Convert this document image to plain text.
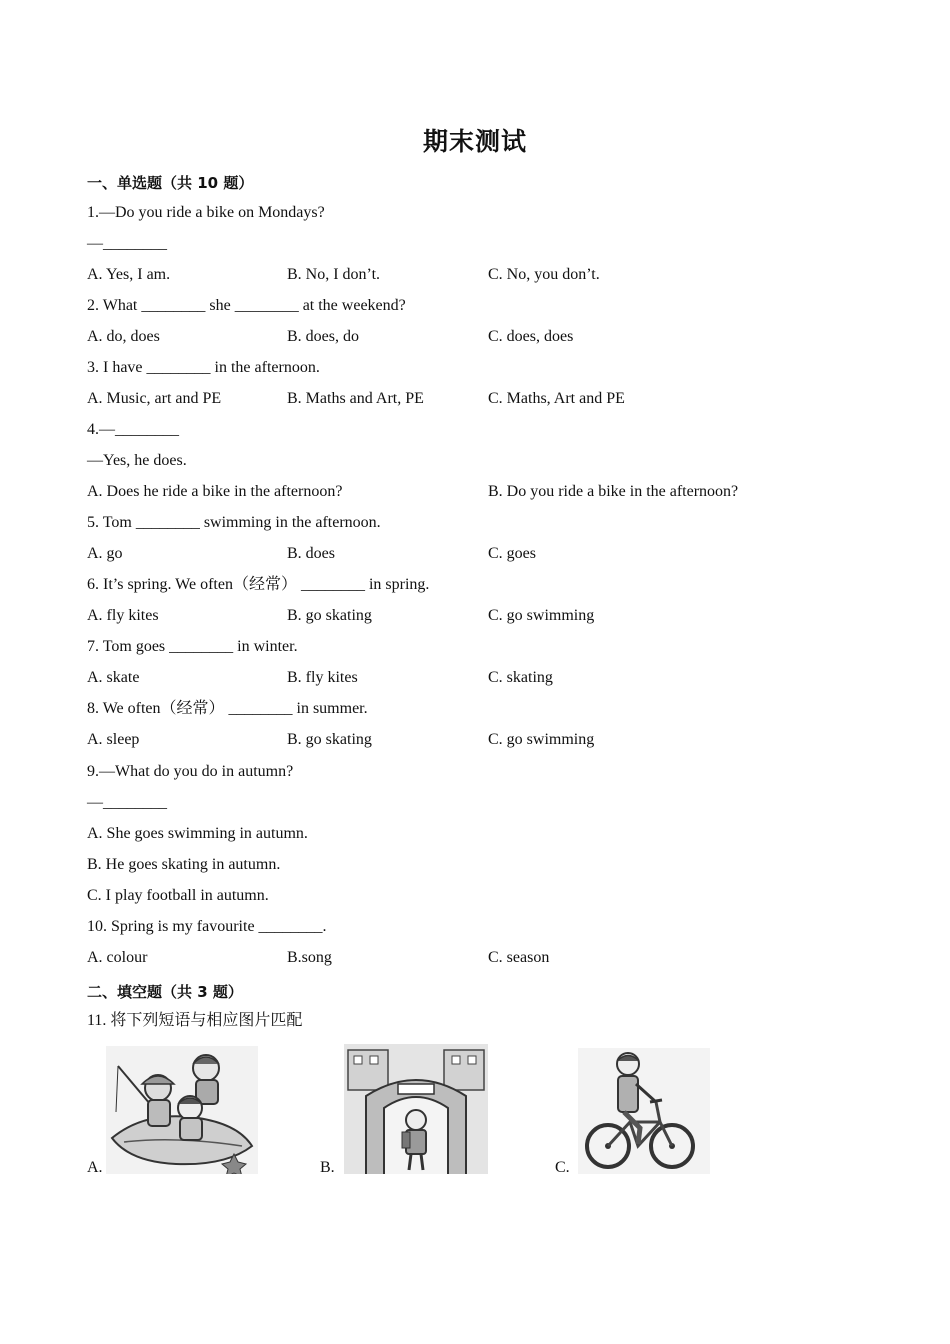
期末测试
一、单选题（共 10 题）
1.—Do you ride a bike on Mondays?
—________
A. Yes, I am.	B. No, I don’t.	C. No, you don’t.
2. What ________ she ________ at the weekend?
A. do, does	B. does, do	C. does, does
3. I have ________ in the afternoon.
A. Music, art and PE	B. Maths and Art, PE	C. Maths, Art and PE
4.—________
—Yes, he does.
A. Does he ride a bike in the afternoon?	B. Do you ride a bike in the afternoon?
5. Tom ________ swimming in the afternoon.
A. go	B. does	C. goes
6. It’s spring. We often（经常） ________ in spring.
A. fly kites	B. go skating	C. go swimming
7. Tom goes ________ in winter.
A. skate	B. fly kites	C. skating
8. We often（经常） ________ in summer.
A. sleep	B. go skating	C. go swimming
9.—What do you do in autumn?
—________
A. She goes swimming in autumn.
B. He goes skating in autumn.
C. I play football in autumn.
10. Spring is my favourite ________.
A. colour	B.song	C. season
二、填空题（共 3 题）
11. 将下列短语与相应图片匹配
A.	B.	C.
